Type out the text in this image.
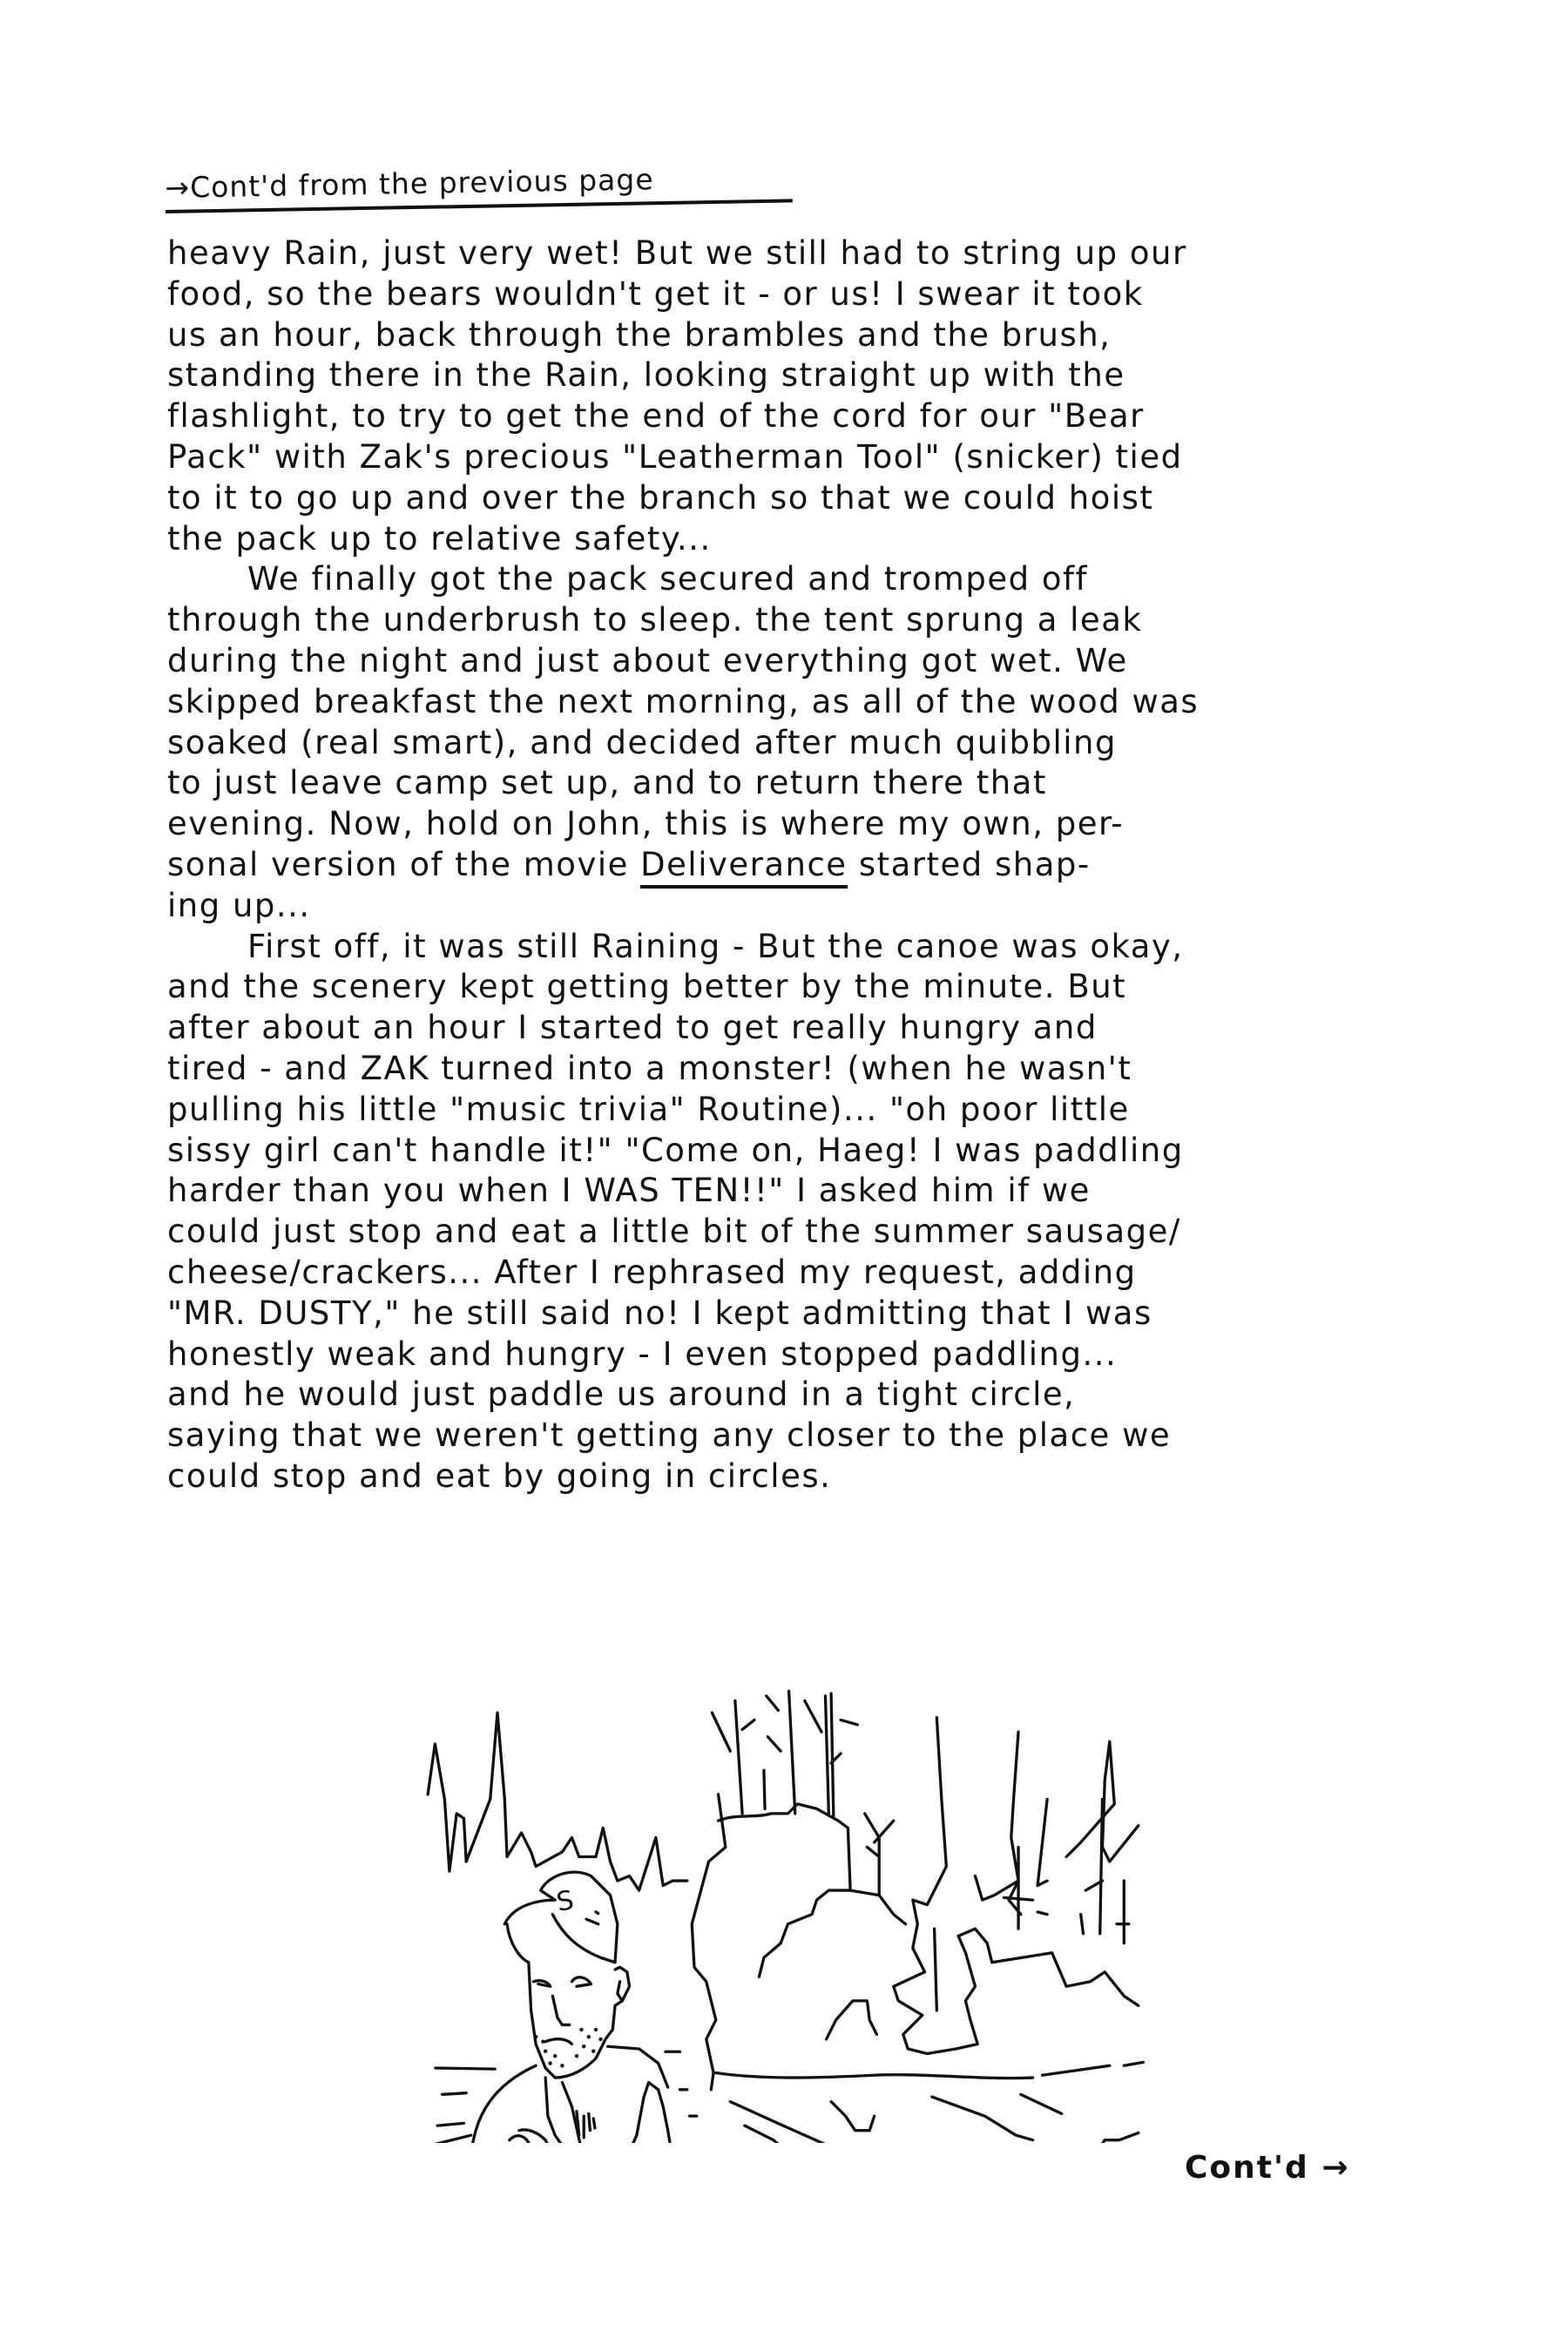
→Cont'd from the previous page
heavy Rain, just very wet! But we still had to string up our
food, so the bears wouldn't get it - or us! I swear it took
us an hour, back through the brambles and the brush,
standing there in the Rain, looking straight up with the
flashlight, to try to get the end of the cord for our "Bear
Pack" with Zak's precious "Leatherman Tool" (snicker) tied
to it to go up and over the branch so that we could hoist
the pack up to relative safety...
We finally got the pack secured and tromped off
through the underbrush to sleep. the tent sprung a leak
during the night and just about everything got wet. We
skipped breakfast the next morning, as all of the wood was
soaked (real smart), and decided after much quibbling
to just leave camp set up, and to return there that
evening. Now, hold on John, this is where my own, per-
sonal version of the movie Deliverance started shap-
ing up...
First off, it was still Raining - But the canoe was okay,
and the scenery kept getting better by the minute. But
after about an hour I started to get really hungry and
tired - and ZAK turned into a monster! (when he wasn't
pulling his little "music trivia" Routine)... "oh poor little
sissy girl can't handle it!" "Come on, Haeg! I was paddling
harder than you when I WAS TEN!!" I asked him if we
could just stop and eat a little bit of the summer sausage/
cheese/crackers... After I rephrased my request, adding
"MR. DUSTY," he still said no! I kept admitting that I was
honestly weak and hungry - I even stopped paddling...
and he would just paddle us around in a tight circle,
saying that we weren't getting any closer to the place we
could stop and eat by going in circles.
S
Cont'd →
